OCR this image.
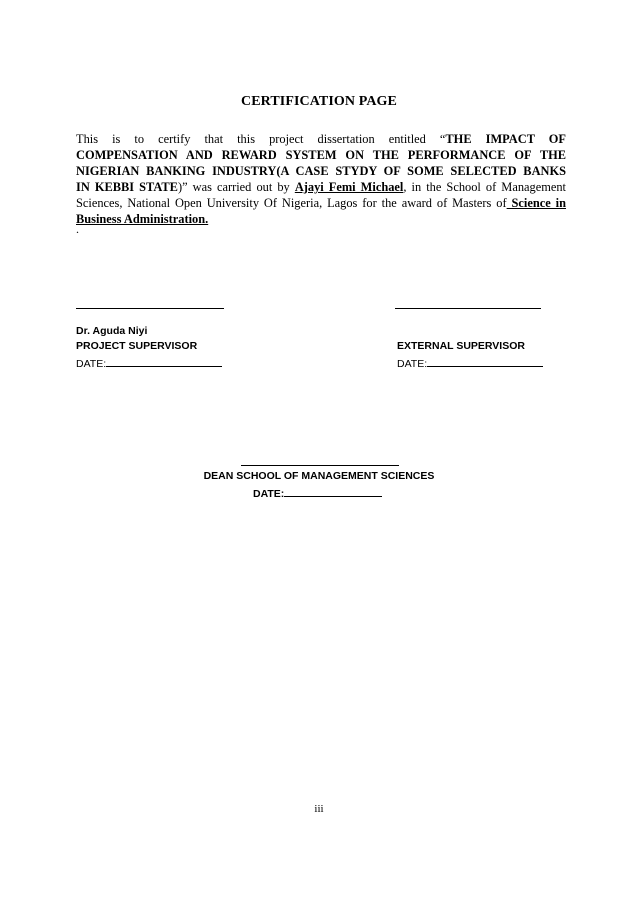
CERTIFICATION PAGE
This is to certify that this project dissertation entitled “THE IMPACT OF
COMPENSATION AND REWARD SYSTEM ON THE PERFORMANCE OF THE
NIGERIAN BANKING INDUSTRY(A CASE STYDY OF SOME SELECTED BANKS
IN KEBBI STATE)” was carried out by Ajayi Femi Michael, in the School of Management
Sciences, National Open University Of Nigeria, Lagos for the award of Masters of Science in
Business Administration.
.
Dr. Aguda Niyi
PROJECT SUPERVISOR
DATE:
EXTERNAL SUPERVISOR
DATE:
DEAN SCHOOL OF MANAGEMENT SCIENCES
DATE:
iii
